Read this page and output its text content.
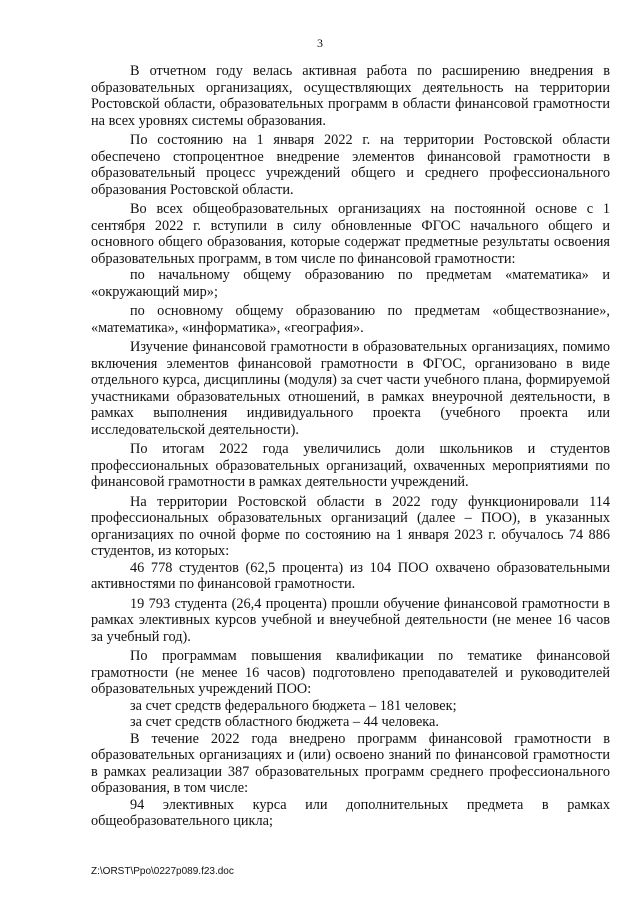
3

В отчетном году велась активная работа по расширению внедрения в образовательных организациях, осуществляющих деятельность на территории Ростовской области, образовательных программ в области финансовой грамотности на всех уровнях системы образования.

По состоянию на 1 января 2022 г. на территории Ростовской области обеспечено стопроцентное внедрение элементов финансовой грамотности в образовательный процесс учреждений общего и среднего профессионального образования Ростовской области.

Во всех общеобразовательных организациях на постоянной основе с 1 сентября 2022 г. вступили в силу обновленные ФГОС начального общего и основного общего образования, которые содержат предметные результаты освоения образовательных программ, в том числе по финансовой грамотности:

по начальному общему образованию по предметам «математика» и «окружающий мир»;

по основному общему образованию по предметам «обществознание», «математика», «информатика», «география».

Изучение финансовой грамотности в образовательных организациях, помимо включения элементов финансовой грамотности в ФГОС, организовано в виде отдельного курса, дисциплины (модуля) за счет части учебного плана, формируемой участниками образовательных отношений, в рамках внеурочной деятельности, в рамках выполнения индивидуального проекта (учебного проекта или исследовательской деятельности).

По итогам 2022 года увеличились доли школьников и студентов профессиональных образовательных организаций, охваченных мероприятиями по финансовой грамотности в рамках деятельности учреждений.

На территории Ростовской области в 2022 году функционировали 114 профессиональных образовательных организаций (далее – ПОО), в указанных организациях по очной форме по состоянию на 1 января 2023 г. обучалось 74 886 студентов, из которых:

46 778 студентов (62,5 процента) из 104 ПОО охвачено образовательными активностями по финансовой грамотности.

19 793 студента (26,4 процента) прошли обучение финансовой грамотности в рамках элективных курсов учебной и внеучебной деятельности (не менее 16 часов за учебный год).

По программам повышения квалификации по тематике финансовой грамотности (не менее 16 часов) подготовлено преподавателей и руководителей образовательных учреждений ПОО:

за счет средств федерального бюджета – 181 человек;

за счет средств областного бюджета – 44 человека.

В течение 2022 года внедрено программ финансовой грамотности в образовательных организациях и (или) освоено знаний по финансовой грамотности в рамках реализации 387 образовательных программ среднего профессионального образования, в том числе:

94 элективных курса или дополнительных предмета в рамках общеобразовательного цикла;

Z:\ORST\Ppo\0227p089.f23.doc
